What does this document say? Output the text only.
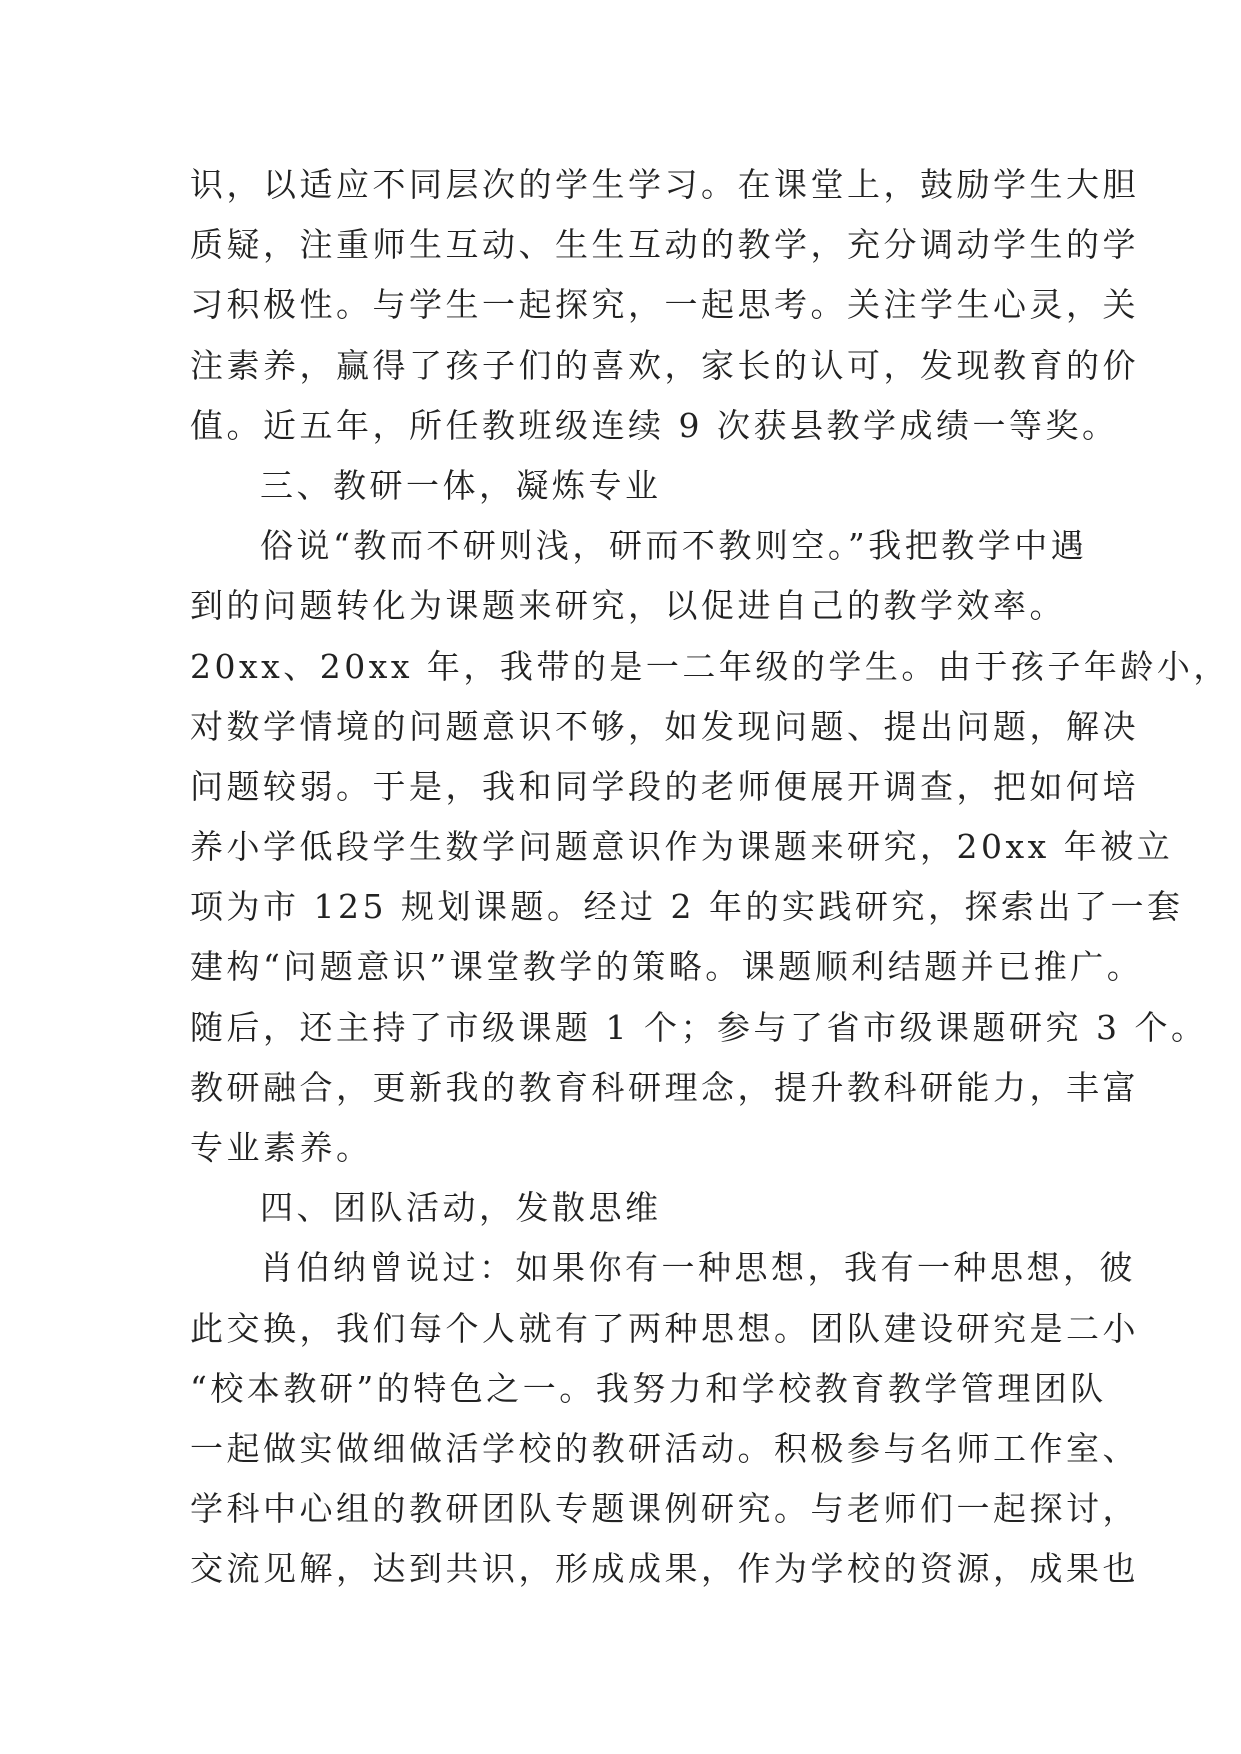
识，以适应不同层次的学生学习。在课堂上，鼓励学生大胆
质疑，注重师生互动、生生互动的教学，充分调动学生的学
习积极性。与学生一起探究，一起思考。关注学生心灵，关
注素养，赢得了孩子们的喜欢，家长的认可，发现教育的价
值。近五年，所任教班级连续 9 次获县教学成绩一等奖。
三、教研一体，凝炼专业
俗说“教而不研则浅，研而不教则空。”我把教学中遇
到的问题转化为课题来研究，以促进自己的教学效率。
20xx、20xx 年，我带的是一二年级的学生。由于孩子年龄小，
对数学情境的问题意识不够，如发现问题、提出问题，解决
问题较弱。于是，我和同学段的老师便展开调查，把如何培
养小学低段学生数学问题意识作为课题来研究，20xx 年被立
项为市 125 规划课题。经过 2 年的实践研究，探索出了一套
建构“问题意识”课堂教学的策略。课题顺利结题并已推广。
随后，还主持了市级课题 1 个；参与了省市级课题研究 3 个。
教研融合，更新我的教育科研理念，提升教科研能力，丰富
专业素养。
四、团队活动，发散思维
肖伯纳曾说过：如果你有一种思想，我有一种思想，彼
此交换，我们每个人就有了两种思想。团队建设研究是二小
“校本教研”的特色之一。我努力和学校教育教学管理团队
一起做实做细做活学校的教研活动。积极参与名师工作室、
学科中心组的教研团队专题课例研究。与老师们一起探讨，
交流见解，达到共识，形成成果，作为学校的资源，成果也
